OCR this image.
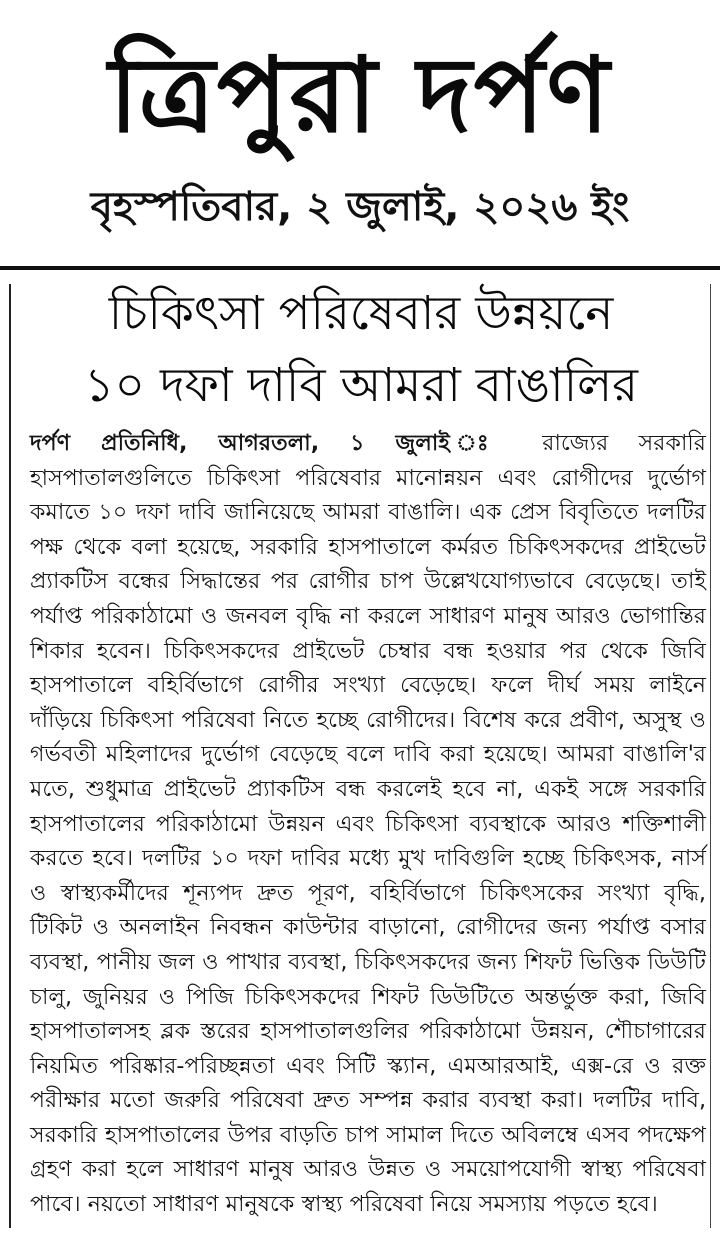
ত্রিপুরা দর্পণ
বৃহস্পতিবার, ২ জুলাই, ২০২৬ ইং
চিকিৎসা পরিষেবার উন্নয়নে
১০ দফা দাবি আমরা বাঙালির

দর্পণ প্রতিনিধি, আগরতলা, ১ জুলাই ঃ রাজ্যের সরকারি হাসপাতালগুলিতে চিকিৎসা পরিষেবার মানোন্নয়ন এবং রোগীদের দুর্ভোগ কমাতে ১০ দফা দাবি জানিয়েছে আমরা বাঙালি। এক প্রেস বিবৃতিতে দলটির পক্ষ থেকে বলা হয়েছে, সরকারি হাসপাতালে কর্মরত চিকিৎসকদের প্রাইভেট প্র্যাকটিস বন্ধের সিদ্ধান্তের পর রোগীর চাপ উল্লেখযোগ্যভাবে বেড়েছে। তাই পর্যাপ্ত পরিকাঠামো ও জনবল বৃদ্ধি না করলে সাধারণ মানুষ আরও ভোগান্তির শিকার হবেন। চিকিৎসকদের প্রাইভেট চেম্বার বন্ধ হওয়ার পর থেকে জিবি হাসপাতালে বহির্বিভাগে রোগীর সংখ্যা বেড়েছে। ফলে দীর্ঘ সময় লাইনে দাঁড়িয়ে চিকিৎসা পরিষেবা নিতে হচ্ছে রোগীদের। বিশেষ করে প্রবীণ, অসুস্থ ও গর্ভবতী মহিলাদের দুর্ভোগ বেড়েছে বলে দাবি করা হয়েছে। আমরা বাঙালি'র মতে, শুধুমাত্র প্রাইভেট প্র্যাকটিস বন্ধ করলেই হবে না, একই সঙ্গে সরকারি হাসপাতালের পরিকাঠামো উন্নয়ন এবং চিকিৎসা ব্যবস্থাকে আরও শক্তিশালী করতে হবে। দলটির ১০ দফা দাবির মধ্যে মুখ দাবিগুলি হচ্ছে চিকিৎসক, নার্স ও স্বাস্থ্যকর্মীদের শূন্যপদ দ্রুত পূরণ, বহির্বিভাগে চিকিৎসকের সংখ্যা বৃদ্ধি, টিকিট ও অনলাইন নিবন্ধন কাউন্টার বাড়ানো, রোগীদের জন্য পর্যাপ্ত বসার ব্যবস্থা, পানীয় জল ও পাখার ব্যবস্থা, চিকিৎসকদের জন্য শিফট ভিত্তিক ডিউটি চালু, জুনিয়র ও পিজি চিকিৎসকদের শিফট ডিউটিতে অন্তর্ভুক্ত করা, জিবি হাসপাতালসহ ব্লক স্তরের হাসপাতালগুলির পরিকাঠামো উন্নয়ন, শৌচাগারের নিয়মিত পরিষ্কার-পরিচ্ছন্নতা এবং সিটি স্ক্যান, এমআরআই, এক্স-রে ও রক্ত পরীক্ষার মতো জরুরি পরিষেবা দ্রুত সম্পন্ন করার ব্যবস্থা করা। দলটির দাবি, সরকারি হাসপাতালের উপর বাড়তি চাপ সামাল দিতে অবিলম্বে এসব পদক্ষেপ গ্রহণ করা হলে সাধারণ মানুষ আরও উন্নত ও সময়োপযোগী স্বাস্থ্য পরিষেবা পাবে। নয়তো সাধারণ মানুষকে স্বাস্থ্য পরিষেবা নিয়ে সমস্যায় পড়তে হবে।
